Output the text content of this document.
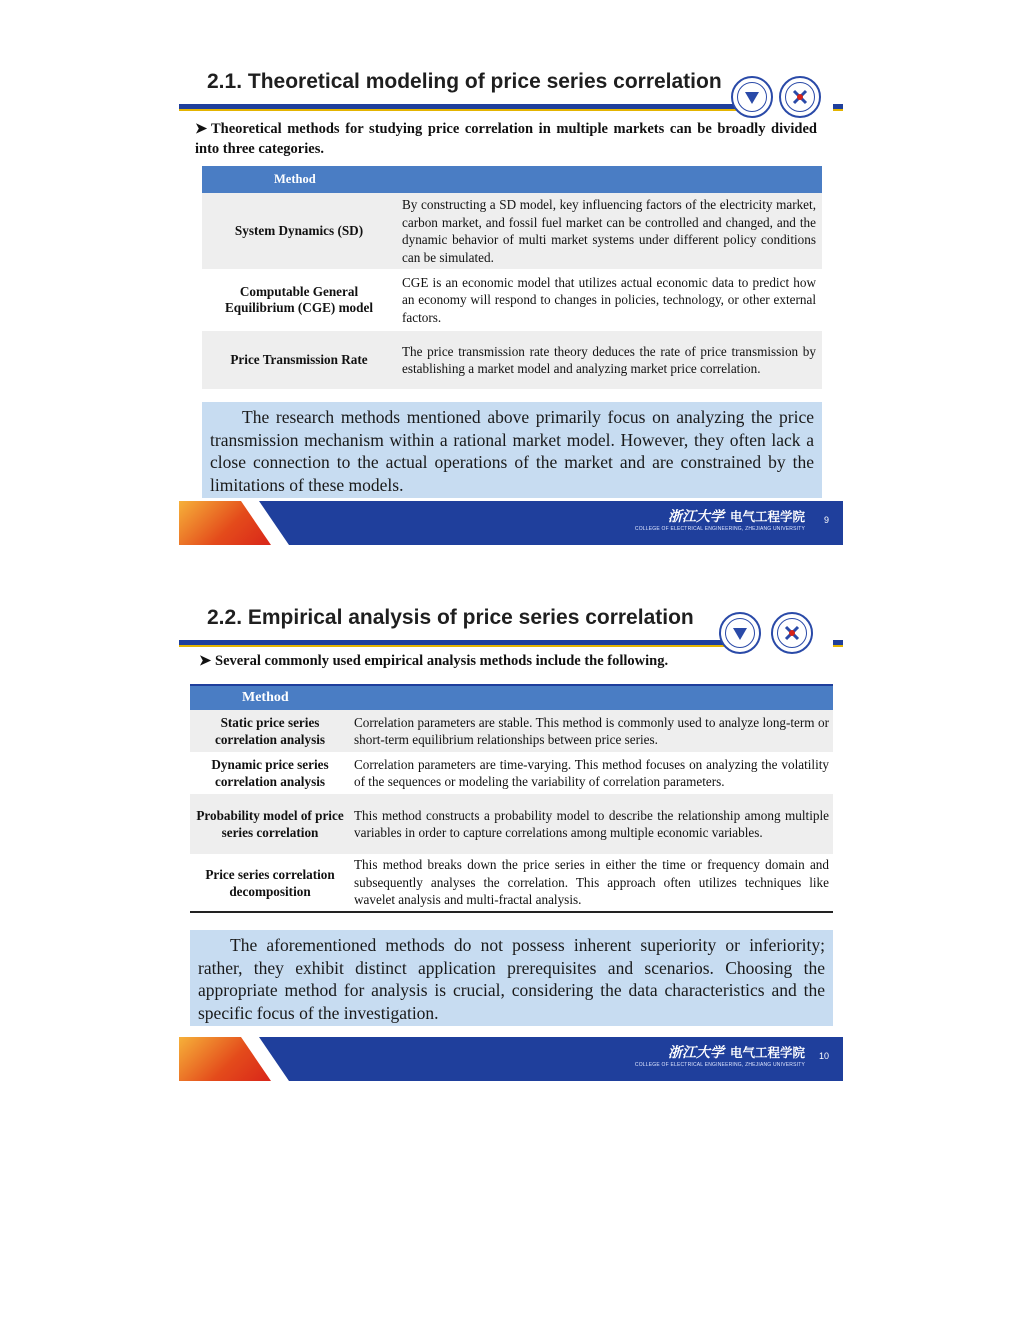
2.1. Theoretical modeling of price series correlation
➤ Theoretical methods for studying price correlation in multiple markets can be broadly divided into three categories.
Method	
System Dynamics (SD)	By constructing a SD model, key influencing factors of the electricity market, carbon market, and fossil fuel market can be controlled and changed, and the dynamic behavior of multi market systems under different policy conditions can be simulated.
Computable General Equilibrium (CGE) model	CGE is an economic model that utilizes actual economic data to predict how an economy will respond to changes in policies, technology, or other external factors.
Price Transmission Rate	The price transmission rate theory deduces the rate of price transmission by establishing a market model and analyzing market price correlation.
The research methods mentioned above primarily focus on analyzing the price transmission mechanism within a rational market model. However, they often lack a close connection to the actual operations of the market and are constrained by the limitations of these models.
浙江大学 电气工程学院
COLLEGE OF ELECTRICAL ENGINEERING, ZHEJIANG UNIVERSITY
9
2.2. Empirical analysis of price series correlation
➤ Several commonly used empirical analysis methods include the following.
Method	
Static price series correlation analysis	Correlation parameters are stable. This method is commonly used to analyze long-term or short-term equilibrium relationships between price series.
Dynamic price series correlation analysis	Correlation parameters are time-varying. This method focuses on analyzing the volatility of the sequences or modeling the variability of correlation parameters.
Probability model of price series correlation	This method constructs a probability model to describe the relationship among multiple variables in order to capture correlations among multiple economic variables.
Price series correlation decomposition	This method breaks down the price series in either the time or frequency domain and subsequently analyses the correlation. This approach often utilizes techniques like wavelet analysis and multi-fractal analysis.
The aforementioned methods do not possess inherent superiority or inferiority; rather, they exhibit distinct application prerequisites and scenarios. Choosing the appropriate method for analysis is crucial, considering the data characteristics and the specific focus of the investigation.
浙江大学 电气工程学院
COLLEGE OF ELECTRICAL ENGINEERING, ZHEJIANG UNIVERSITY
10
